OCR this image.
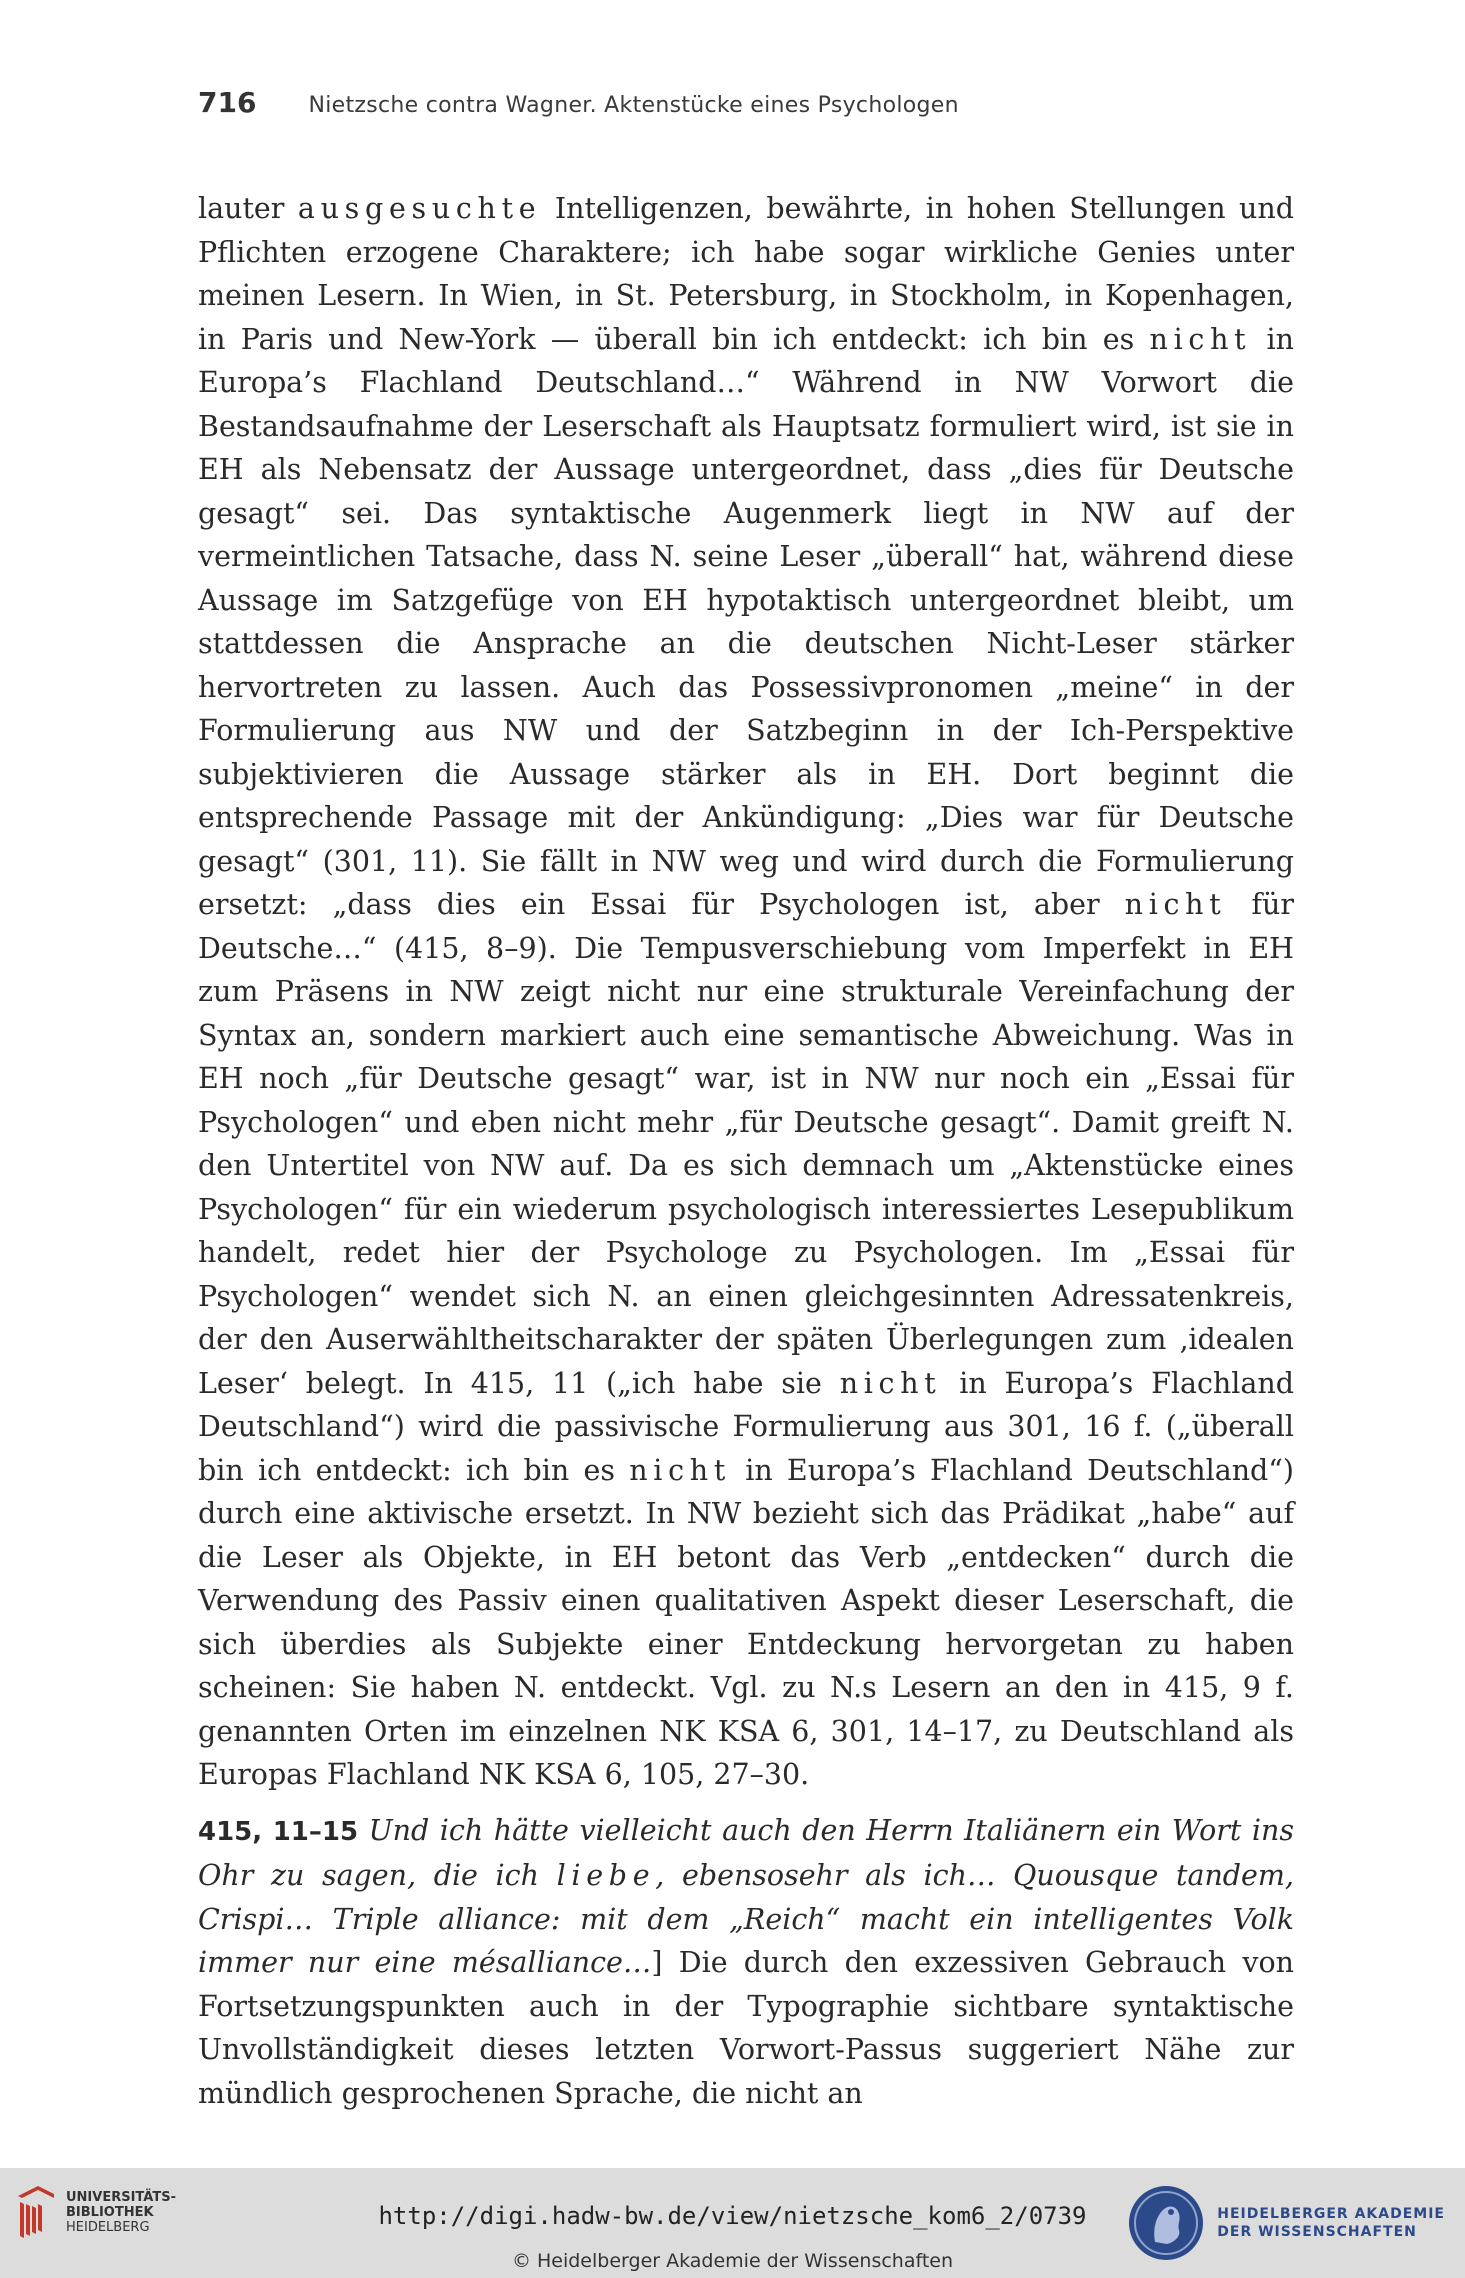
716 Nietzsche contra Wagner. Aktenstücke eines Psychologen

lauter ausgesuchte Intelligenzen, bewährte, in hohen Stellungen und Pflichten erzogene Charaktere; ich habe sogar wirkliche Genies unter meinen Lesern. In Wien, in St. Petersburg, in Stockholm, in Kopenhagen, in Paris und New-York — überall bin ich entdeckt: ich bin es nicht in Europa’s Flachland Deutschland…“ Während in NW Vorwort die Bestandsaufnahme der Leserschaft als Hauptsatz formuliert wird, ist sie in EH als Nebensatz der Aussage untergeordnet, dass „dies für Deutsche gesagt“ sei. Das syntaktische Augenmerk liegt in NW auf der vermeintlichen Tatsache, dass N. seine Leser „überall“ hat, während diese Aussage im Satzgefüge von EH hypotaktisch untergeordnet bleibt, um stattdessen die Ansprache an die deutschen Nicht-Leser stärker hervortreten zu lassen. Auch das Possessivpronomen „meine“ in der Formulierung aus NW und der Satzbeginn in der Ich-Perspektive subjektivieren die Aussage stärker als in EH. Dort beginnt die entsprechende Passage mit der Ankündigung: „Dies war für Deutsche gesagt“ (301, 11). Sie fällt in NW weg und wird durch die Formulierung ersetzt: „dass dies ein Essai für Psychologen ist, aber nicht für Deutsche…“ (415, 8–9). Die Tempusverschiebung vom Imperfekt in EH zum Präsens in NW zeigt nicht nur eine strukturale Vereinfachung der Syntax an, sondern markiert auch eine semantische Abweichung. Was in EH noch „für Deutsche gesagt“ war, ist in NW nur noch ein „Essai für Psychologen“ und eben nicht mehr „für Deutsche gesagt“. Damit greift N. den Untertitel von NW auf. Da es sich demnach um „Aktenstücke eines Psychologen“ für ein wiederum psychologisch interessiertes Lesepublikum handelt, redet hier der Psychologe zu Psychologen. Im „Essai für Psychologen“ wendet sich N. an einen gleichgesinnten Adressatenkreis, der den Auserwähltheitscharakter der späten Überlegungen zum ‚idealen Leser‘ belegt. In 415, 11 („ich habe sie nicht in Europa’s Flachland Deutschland“) wird die passivische Formulierung aus 301, 16 f. („überall bin ich entdeckt: ich bin es nicht in Europa’s Flachland Deutschland“) durch eine aktivische ersetzt. In NW bezieht sich das Prädikat „habe“ auf die Leser als Objekte, in EH betont das Verb „entdecken“ durch die Verwendung des Passiv einen qualitativen Aspekt dieser Leserschaft, die sich überdies als Subjekte einer Entdeckung hervorgetan zu haben scheinen: Sie haben N. entdeckt. Vgl. zu N.s Lesern an den in 415, 9 f. genannten Orten im einzelnen NK KSA 6, 301, 14–17, zu Deutschland als Europas Flachland NK KSA 6, 105, 27–30.

415, 11–15 Und ich hätte vielleicht auch den Herrn Italiänern ein Wort ins Ohr zu sagen, die ich liebe, ebensosehr als ich… Quousque tandem, Crispi… Triple alliance: mit dem „Reich“ macht ein intelligentes Volk immer nur eine mésalliance…] Die durch den exzessiven Gebrauch von Fortsetzungspunkten auch in der Typographie sichtbare syntaktische Unvollständigkeit dieses letzten Vorwort-Passus suggeriert Nähe zur mündlich gesprochenen Sprache, die nicht an

UNIVERSITÄTS-
BIBLIOTHEK
HEIDELBERG	http://digi.hadw-bw.de/view/nietzsche_kom6_2/0739
© Heidelberger Akademie der Wissenschaften
HEIDELBERGER AKADEMIE
DER WISSENSCHAFTEN
